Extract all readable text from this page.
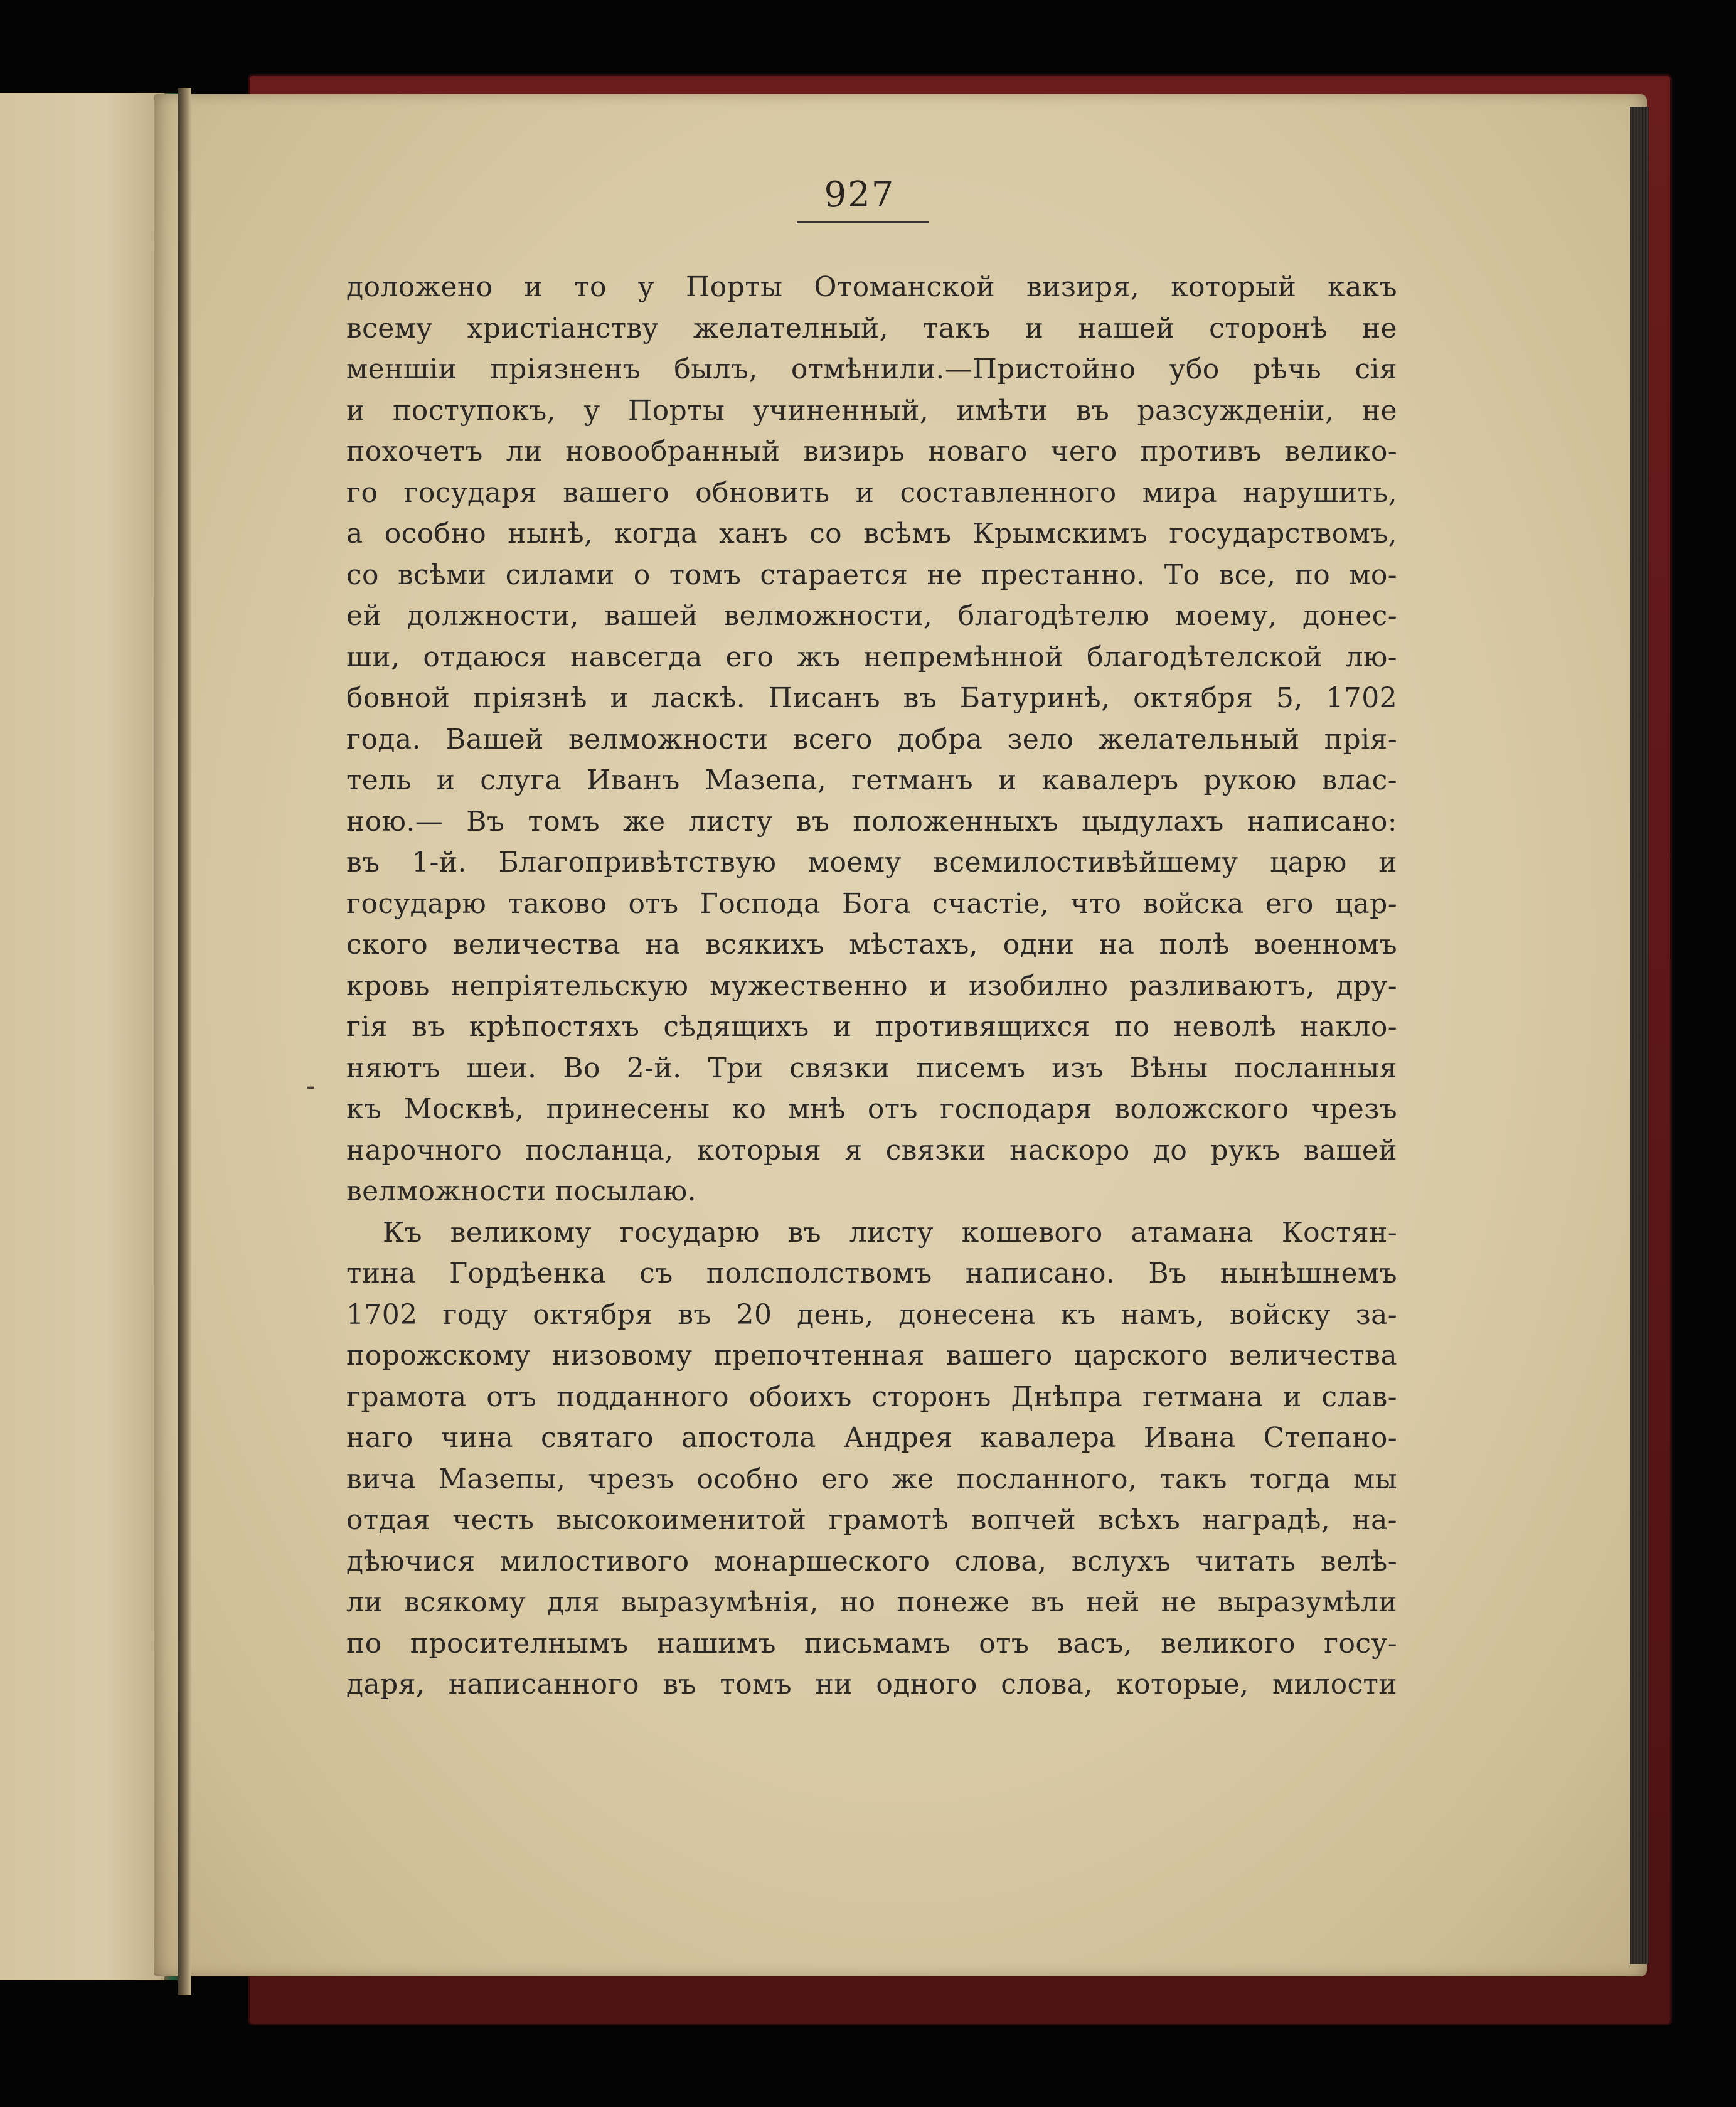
927
-
доложено и то у Порты Отоманской визиря, который какъ
всему христіанству желателный, такъ и нашей сторонѣ не
меншіи пріязненъ былъ, отмѣнили.—Пристойно убо рѣчь сія
и поступокъ, у Порты учиненный, имѣти въ разсужденіи, не
похочетъ ли новообранный визирь новаго чего противъ велико-
го государя вашего обновить и составленного мира нарушить,
а особно нынѣ, когда ханъ со всѣмъ Крымскимъ государствомъ,
со всѣми силами о томъ старается не престанно. То все, по мо-
ей должности, вашей велможности, благодѣтелю моему, донес-
ши, отдаюся навсегда его жъ непремѣнной благодѣтелской лю-
бовной пріязнѣ и ласкѣ. Писанъ въ Батуринѣ, октября 5, 1702
года. Вашей велможности всего добра зело желательный прія-
тель и слуга Иванъ Мазепа, гетманъ и кавалеръ рукою влас-
ною.— Въ томъ же листу въ положенныхъ цыдулахъ написано:
въ 1-й. Благопривѣтствую моему всемилостивѣйшему царю и
государю таково отъ Господа Бога счастіе, что войска его цар-
ского величества на всякихъ мѣстахъ, одни на полѣ военномъ
кровь непріятельскую мужественно и изобилно разливаютъ, дру-
гія въ крѣпостяхъ сѣдящихъ и противящихся по неволѣ накло-
няютъ шеи. Во 2-й. Три связки писемъ изъ Вѣны посланныя
къ Москвѣ, принесены ко мнѣ отъ господаря воложского чрезъ
нарочного посланца, которыя я связки наскоро до рукъ вашей
велможности посылаю.
Къ великому государю въ листу кошевого атамана Костян-
тина Гордѣенка съ полсполствомъ написано. Въ нынѣшнемъ
1702 году октября въ 20 день, донесена къ намъ, войску за-
порожскому низовому препочтенная вашего царского величества
грамота отъ подданного обоихъ сторонъ Днѣпра гетмана и слав-
наго чина святаго апостола Андрея кавалера Ивана Степано-
вича Мазепы, чрезъ особно его же посланного, такъ тогда мы
отдая честь высокоименитой грамотѣ вопчей всѣхъ наградѣ, на-
дѣючися милостивого монаршеского слова, вслухъ читать велѣ-
ли всякому для выразумѣнія, но понеже въ ней не выразумѣли
по просителнымъ нашимъ письмамъ отъ васъ, великого госу-
даря, написанного въ томъ ни одного слова, которые, милости
